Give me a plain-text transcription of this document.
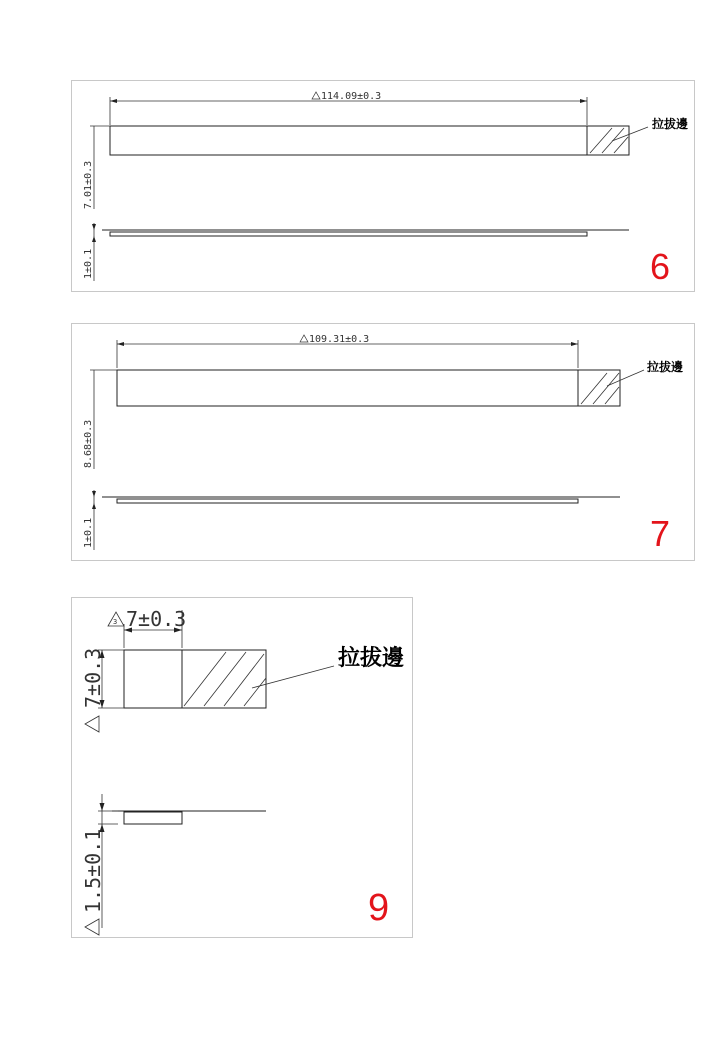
114.09±0.3
拉拔邊
7.01±0.3
1±0.1	6
109.31±0.3
拉拔邊
8.68±0.3
1±0.1	7
3 7±0.3
拉拔邊
7±0.3
1.5±0.1	9
